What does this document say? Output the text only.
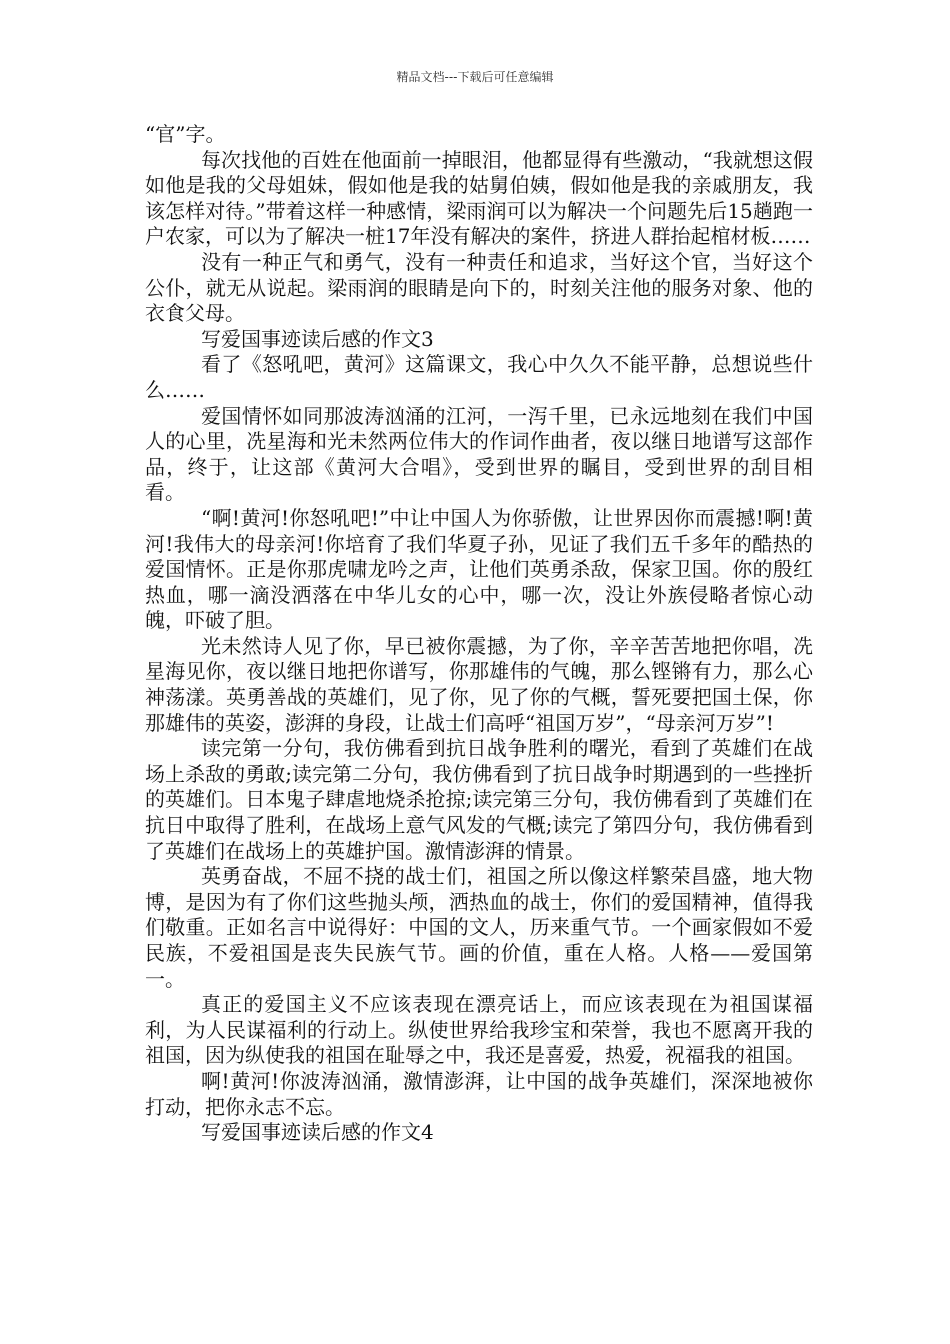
精品文档---下载后可任意编辑

“官”字。

每次找他的百姓在他面前一掉眼泪，他都显得有些激动，“我就想这假如他是我的父母姐妹，假如他是我的姑舅伯姨，假如他是我的亲戚朋友，我该怎样对待。”带着这样一种感情，梁雨润可以为解决一个问题先后15趟跑一户农家，可以为了解决一桩17年没有解决的案件，挤进人群抬起棺材板……

没有一种正气和勇气，没有一种责任和追求，当好这个官，当好这个公仆，就无从说起。梁雨润的眼睛是向下的，时刻关注他的服务对象、他的衣食父母。

写爱国事迹读后感的作文3

看了《怒吼吧，黄河》这篇课文，我心中久久不能平静，总想说些什么……

爱国情怀如同那波涛汹涌的江河，一泻千里，已永远地刻在我们中国人的心里，冼星海和光未然两位伟大的作词作曲者，夜以继日地谱写这部作品，终于，让这部《黄河大合唱》，受到世界的瞩目，受到世界的刮目相看。

“啊!黄河!你怒吼吧!”中让中国人为你骄傲，让世界因你而震撼!啊!黄河!我伟大的母亲河!你培育了我们华夏子孙，见证了我们五千多年的酷热的爱国情怀。正是你那虎啸龙吟之声，让他们英勇杀敌，保家卫国。你的殷红热血，哪一滴没洒落在中华儿女的心中，哪一次，没让外族侵略者惊心动魄，吓破了胆。

光未然诗人见了你，早已被你震撼，为了你，辛辛苦苦地把你唱，冼星海见你，夜以继日地把你谱写，你那雄伟的气魄，那么铿锵有力，那么心神荡漾。英勇善战的英雄们，见了你，见了你的气概，誓死要把国土保，你那雄伟的英姿，澎湃的身段，让战士们高呼“祖国万岁”，“母亲河万岁”!

读完第一分句，我仿佛看到抗日战争胜利的曙光，看到了英雄们在战场上杀敌的勇敢;读完第二分句，我仿佛看到了抗日战争时期遇到的一些挫折的英雄们。日本鬼子肆虐地烧杀抢掠;读完第三分句，我仿佛看到了英雄们在抗日中取得了胜利，在战场上意气风发的气概;读完了第四分句，我仿佛看到了英雄们在战场上的英雄护国。激情澎湃的情景。

英勇奋战，不屈不挠的战士们，祖国之所以像这样繁荣昌盛，地大物博，是因为有了你们这些抛头颅，洒热血的战士，你们的爱国精神，值得我们敬重。正如名言中说得好：中国的文人，历来重气节。一个画家假如不爱民族，不爱祖国是丧失民族气节。画的价值，重在人格。人格——爱国第一。

真正的爱国主义不应该表现在漂亮话上，而应该表现在为祖国谋福利，为人民谋福利的行动上。纵使世界给我珍宝和荣誉，我也不愿离开我的祖国，因为纵使我的祖国在耻辱之中，我还是喜爱，热爱，祝福我的祖国。

啊!黄河!你波涛汹涌，激情澎湃，让中国的战争英雄们，深深地被你打动，把你永志不忘。

写爱国事迹读后感的作文4
